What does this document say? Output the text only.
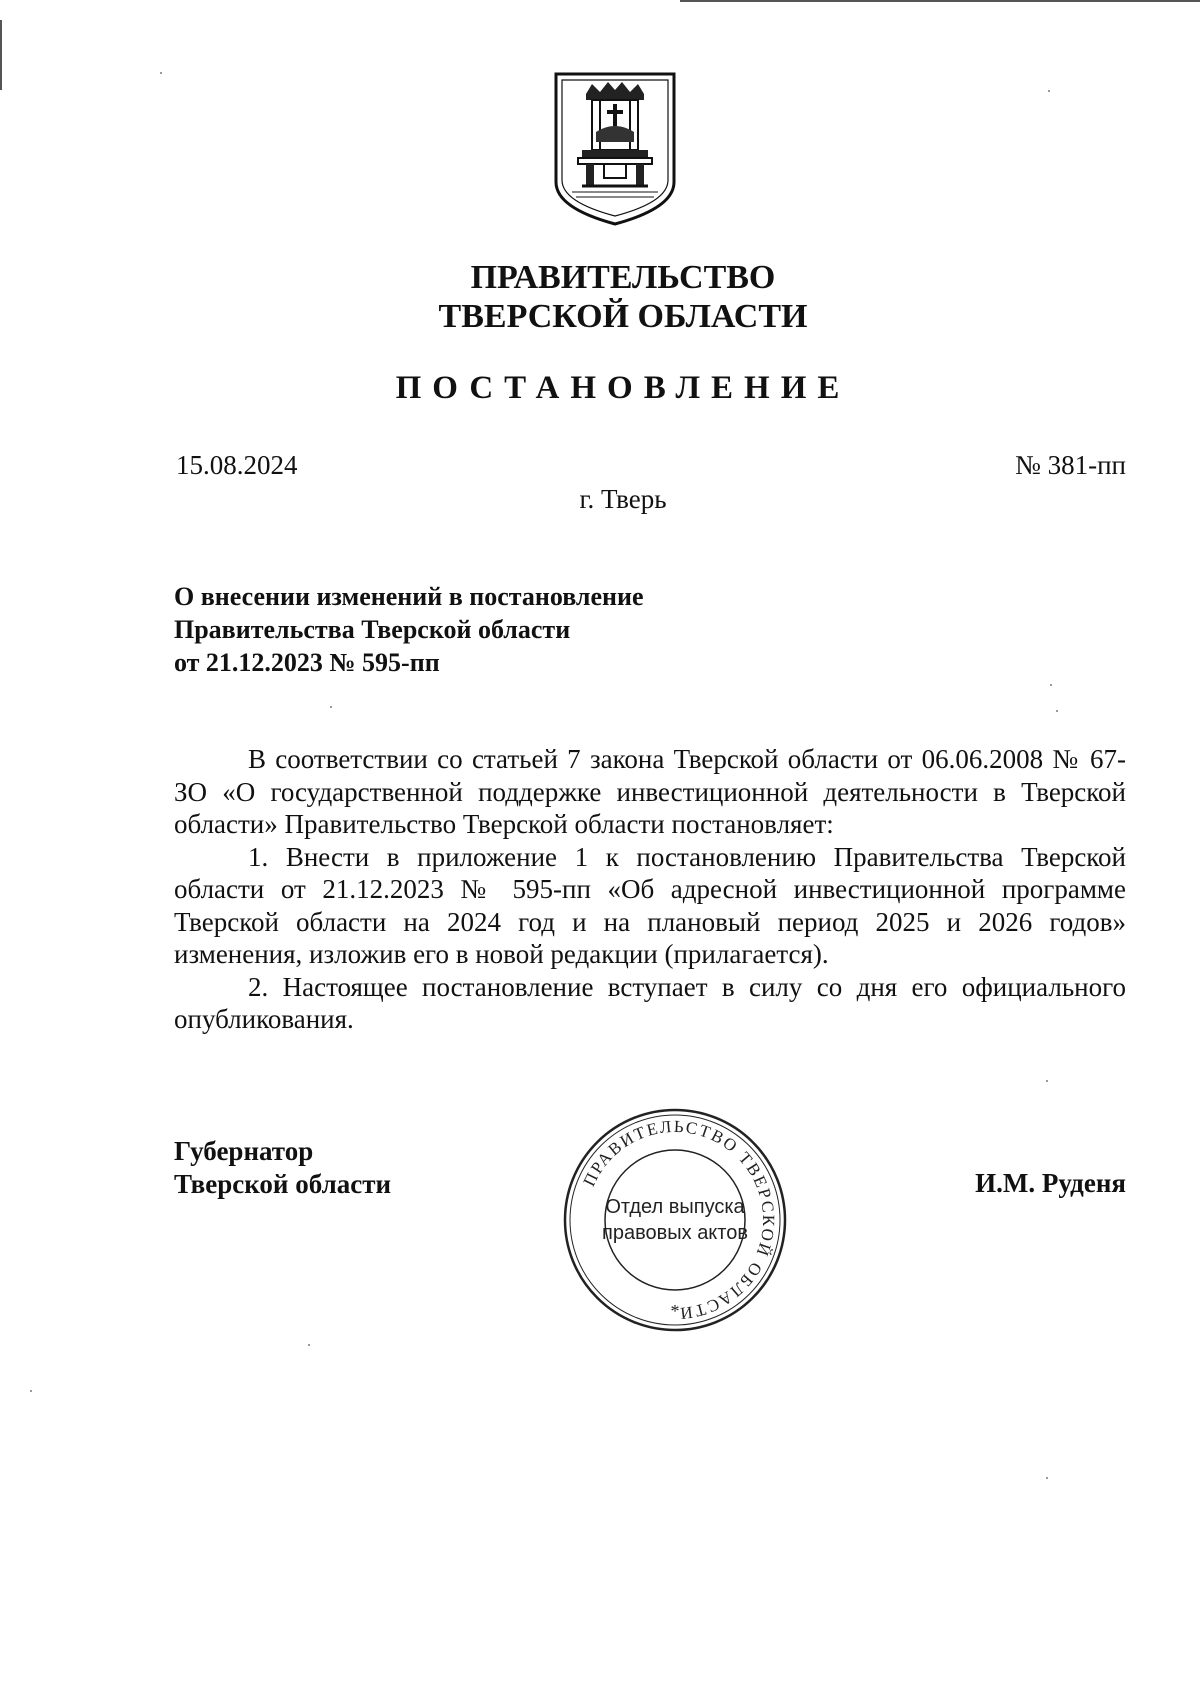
ПРАВИТЕЛЬСТВО
ТВЕРСКОЙ ОБЛАСТИ
ПОСТАНОВЛЕНИЕ
15.08.2024	№ 381-пп
г. Тверь
О внесении изменений в постановление
Правительства Тверской области
от 21.12.2023 № 595-пп

В соответствии со статьей 7 закона Тверской области от 06.06.2008 № 67-ЗО «О государственной поддержке инвестиционной деятельности в Тверской области» Правительство Тверской области постановляет:

1. Внести в приложение 1 к постановлению Правительства Тверской области от 21.12.2023 № 595-пп «Об адресной инвестиционной программе Тверской области на 2024 год и на плановый период 2025 и 2026 годов» изменения, изложив его в новой редакции (прилагается).

2. Настоящее постановление вступает в силу со дня его официального опубликования.

Губернатор
Тверской области	И.М. Руденя
ПРАВИТЕЛЬСТВО ТВЕРСКОЙ ОБЛАСТИ
Отдел выпуска
правовых актов
*
